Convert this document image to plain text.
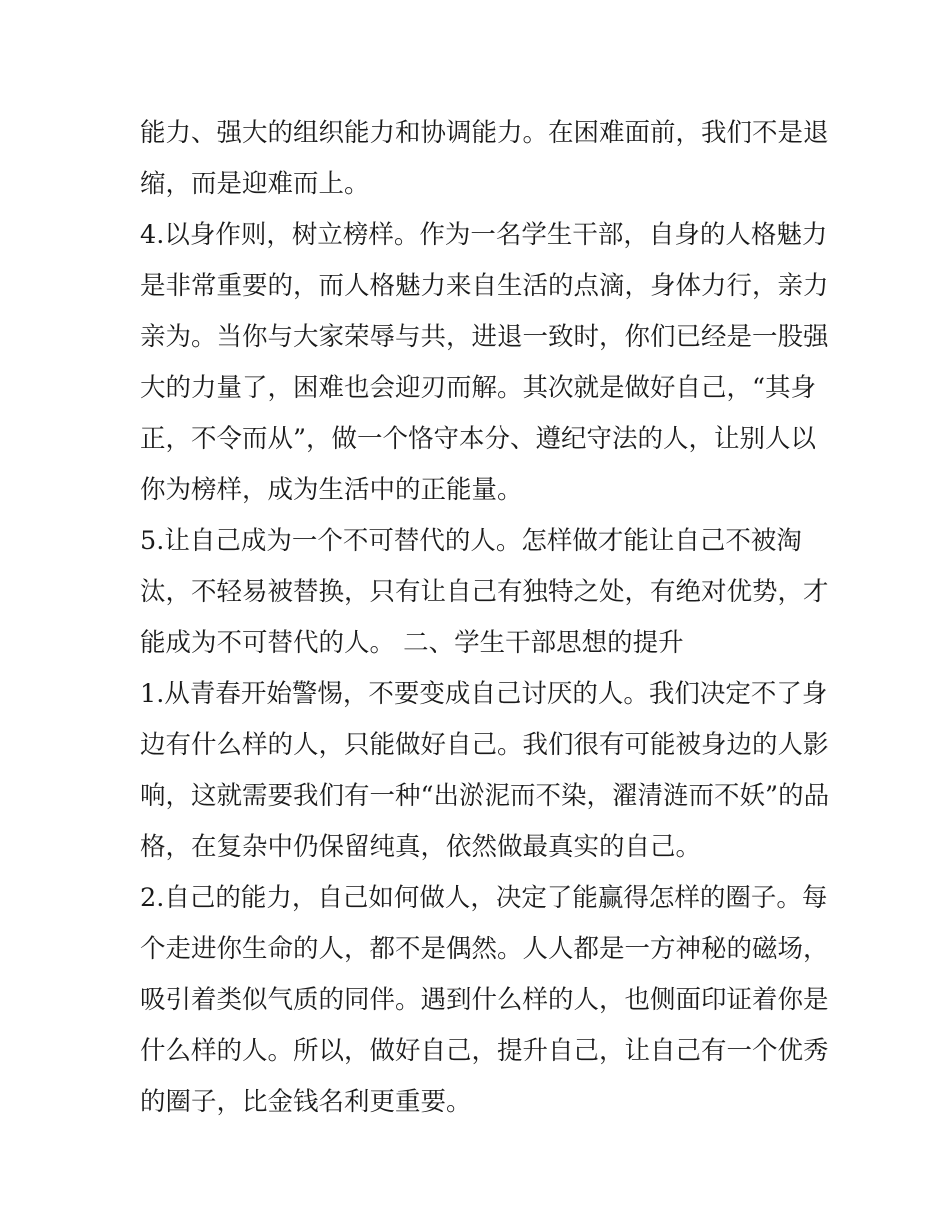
能力、强大的组织能力和协调能力。在困难面前，我们不是退
缩，而是迎难而上。
4.以身作则，树立榜样。作为一名学生干部，自身的人格魅力
是非常重要的，而人格魅力来自生活的点滴，身体力行，亲力
亲为。当你与大家荣辱与共，进退一致时，你们已经是一股强
大的力量了，困难也会迎刃而解。其次就是做好自己，“其身
正，不令而从”，做一个恪守本分、遵纪守法的人，让别人以
你为榜样，成为生活中的正能量。
5.让自己成为一个不可替代的人。怎样做才能让自己不被淘
汰，不轻易被替换，只有让自己有独特之处，有绝对优势，才
能成为不可替代的人。 二、学生干部思想的提升
1.从青春开始警惕，不要变成自己讨厌的人。我们决定不了身
边有什么样的人，只能做好自己。我们很有可能被身边的人影
响，这就需要我们有一种“出淤泥而不染，濯清涟而不妖”的品
格，在复杂中仍保留纯真，依然做最真实的自己。
2.自己的能力，自己如何做人，决定了能赢得怎样的圈子。每
个走进你生命的人，都不是偶然。人人都是一方神秘的磁场，
吸引着类似气质的同伴。遇到什么样的人，也侧面印证着你是
什么样的人。所以，做好自己，提升自己，让自己有一个优秀
的圈子，比金钱名利更重要。
